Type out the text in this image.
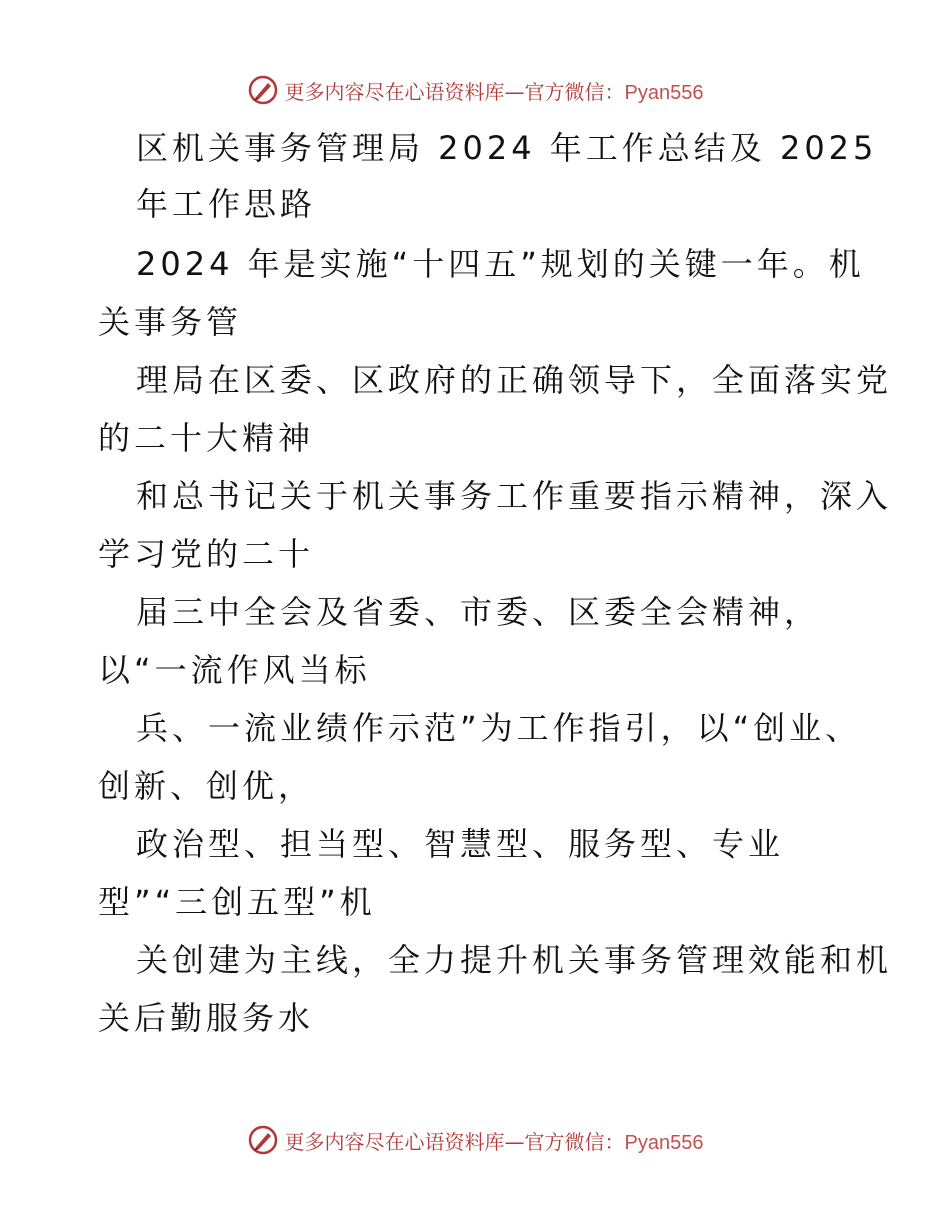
更多内容尽在心语资料库—官方微信：Pyan556
区机关事务管理局 2024 年工作总结及 2025
年工作思路
2024 年是实施“十四五”规划的关键一年。机
关事务管
理局在区委、区政府的正确领导下，全面落实党
的二十大精神
和总书记关于机关事务工作重要指示精神，深入
学习党的二十
届三中全会及省委、市委、区委全会精神，
以“一流作风当标
兵、一流业绩作示范”为工作指引，以“创业、
创新、创优，
政治型、担当型、智慧型、服务型、专业
型”“三创五型”机
关创建为主线，全力提升机关事务管理效能和机
关后勤服务水
更多内容尽在心语资料库—官方微信：Pyan556
